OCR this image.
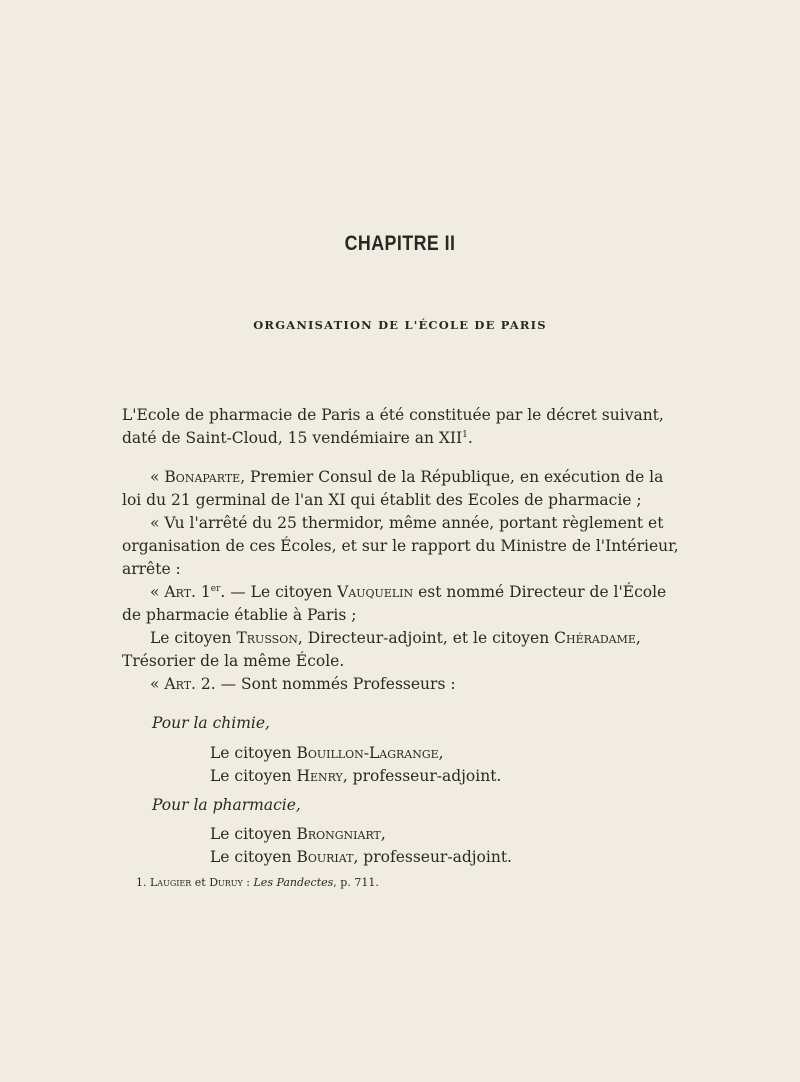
CHAPITRE II
ORGANISATION DE L'ÉCOLE DE PARIS
L'Ecole de pharmacie de Paris a été constituée par le décret suivant,
daté de Saint-Cloud, 15 vendémiaire an XII$^1$.
« Bonaparte, Premier Consul de la République, en exécution de la
loi du 21 germinal de l'an XI qui établit des Ecoles de pharmacie ;
« Vu l'arrêté du 25 thermidor, même année, portant règlement et
organisation de ces Écoles, et sur le rapport du Ministre de l'Intérieur,
arrête :
« Art. 1er. — Le citoyen Vauquelin est nommé Directeur de l'École
de pharmacie établie à Paris ;
Le citoyen Trusson, Directeur-adjoint, et le citoyen Chéradame,
Trésorier de la même École.
« Art. 2. — Sont nommés Professeurs :
Pour la chimie,
Le citoyen Bouillon-Lagrange,
Le citoyen Henry, professeur-adjoint.
Pour la pharmacie,
Le citoyen Brongniart,
Le citoyen Bouriat, professeur-adjoint.
1. Laugier et Duruy : Les Pandectes, p. 711.
